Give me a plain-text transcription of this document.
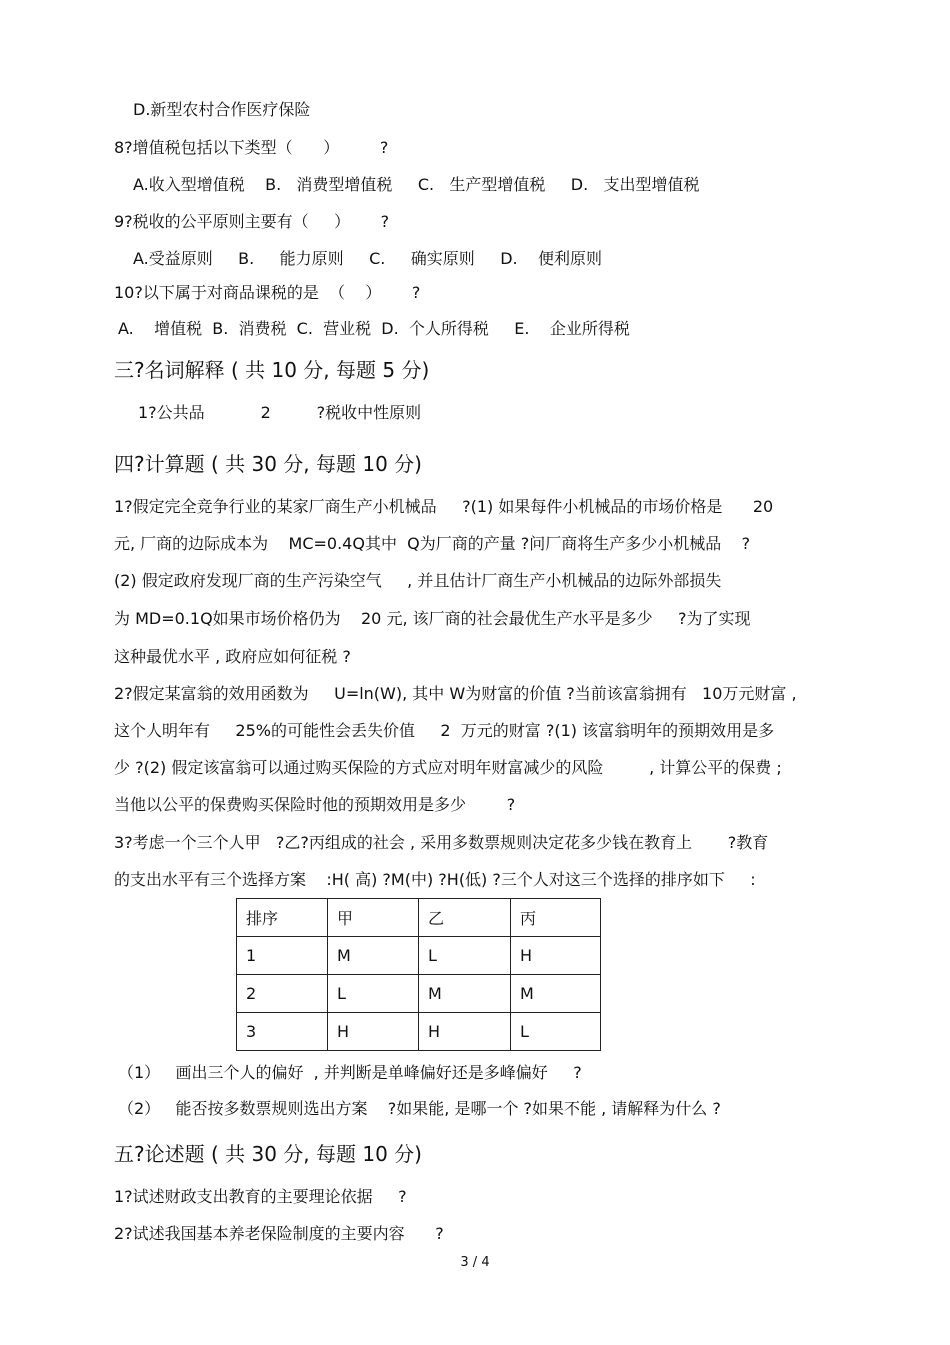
D.新型农村合作医疗保险
8?增值税包括以下类型（      ）        ?
A.收入型增值税    B.   消费型增值税     C.   生产型增值税     D.   支出型增值税
9?税收的公平原则主要有（     ）      ?
A.受益原则     B.     能力原则     C.     确实原则     D.    便利原则
10?以下属于对商品课税的是  （    ）      ?
A.    增值税  B.  消费税  C.  营业税  D.  个人所得税     E.    企业所得税
三?名词解释 ( 共 10 分, 每题 5 分)
1?公共品           2         ?税收中性原则
四?计算题 ( 共 30 分, 每题 10 分)
1?假定完全竞争行业的某家厂商生产小机械品     ?(1) 如果每件小机械品的市场价格是      20
元, 厂商的边际成本为    MC=0.4Q其中  Q为厂商的产量 ?问厂商将生产多少小机械品    ?
(2) 假定政府发现厂商的生产污染空气     , 并且估计厂商生产小机械品的边际外部损失
为 MD=0.1Q如果市场价格仍为    20 元, 该厂商的社会最优生产水平是多少     ?为了实现
这种最优水平 , 政府应如何征税 ?
2?假定某富翁的效用函数为     U=ln(W), 其中 W为财富的价值 ?当前该富翁拥有   10万元财富 ,
这个人明年有     25%的可能性会丢失价值     2  万元的财富 ?(1) 该富翁明年的预期效用是多
少 ?(2) 假定该富翁可以通过购买保险的方式应对明年财富减少的风险         , 计算公平的保费 ;
当他以公平的保费购买保险时他的预期效用是多少        ?
3?考虑一个三个人甲   ?乙?丙组成的社会 , 采用多数票规则决定花多少钱在教育上       ?教育
的支出水平有三个选择方案    :H( 高) ?M(中) ?H(低) ?三个人对这三个选择的排序如下     :
排序	甲	乙	丙
1	M	L	H
2	L	M	M
3	H	H	L
（1）   画出三个人的偏好  , 并判断是单峰偏好还是多峰偏好     ?
（2）   能否按多数票规则选出方案    ?如果能, 是哪一个 ?如果不能 , 请解释为什么 ?
五?论述题 ( 共 30 分, 每题 10 分)
1?试述财政支出教育的主要理论依据     ?
2?试述我国基本养老保险制度的主要内容      ?
3 / 4
